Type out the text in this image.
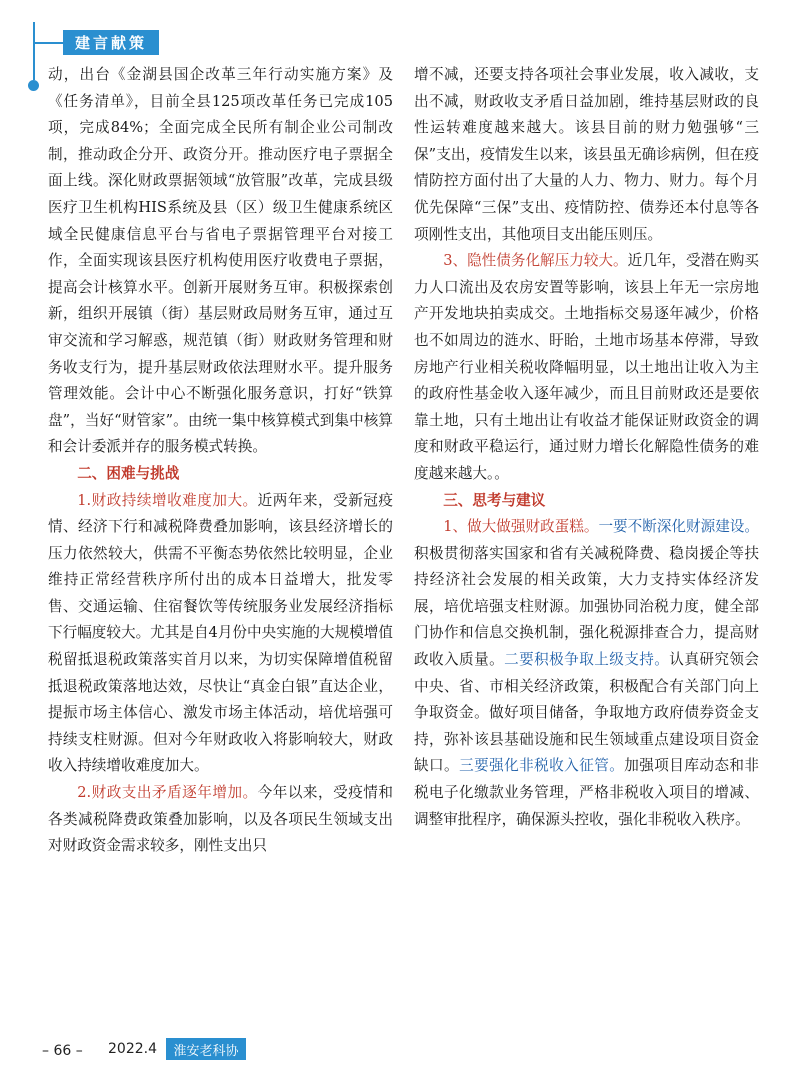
建言献策

动，出台《金湖县国企改革三年行动实施方案》及《任务清单》，目前全县125项改革任务已完成105项，完成84%；全面完成全民所有制企业公司制改制，推动政企分开、政资分开。推动医疗电子票据全面上线。深化财政票据领域“放管服”改革，完成县级医疗卫生机构HIS系统及县（区）级卫生健康系统区域全民健康信息平台与省电子票据管理平台对接工作，全面实现该县医疗机构使用医疗收费电子票据，提高会计核算水平。创新开展财务互审。积极探索创新，组织开展镇（街）基层财政局财务互审，通过互审交流和学习解惑，规范镇（街）财政财务管理和财务收支行为，提升基层财政依法理财水平。提升服务管理效能。会计中心不断强化服务意识，打好“铁算盘”，当好“财管家”。由统一集中核算模式到集中核算和会计委派并存的服务模式转换。

二、困难与挑战

1.财政持续增收难度加大。近两年来，受新冠疫情、经济下行和减税降费叠加影响，该县经济增长的压力依然较大，供需不平衡态势依然比较明显，企业维持正常经营秩序所付出的成本日益增大，批发零售、交通运输、住宿餐饮等传统服务业发展经济指标下行幅度较大。尤其是自4月份中央实施的大规模增值税留抵退税政策落实首月以来，为切实保障增值税留抵退税政策落地达效，尽快让“真金白银”直达企业，提振市场主体信心、激发市场主体活动，培优培强可持续支柱财源。但对今年财政收入将影响较大，财政收入持续增收难度加大。

2.财政支出矛盾逐年增加。今年以来，受疫情和各类减税降费政策叠加影响，以及各项民生领域支出对财政资金需求较多，刚性支出只

增不减，还要支持各项社会事业发展，收入减收，支出不减，财政收支矛盾日益加剧，维持基层财政的良性运转难度越来越大。该县目前的财力勉强够“三保”支出，疫情发生以来，该县虽无确诊病例，但在疫情防控方面付出了大量的人力、物力、财力。每个月优先保障“三保”支出、疫情防控、债券还本付息等各项刚性支出，其他项目支出能压则压。

3、隐性债务化解压力较大。近几年，受潜在购买力人口流出及农房安置等影响，该县上年无一宗房地产开发地块拍卖成交。土地指标交易逐年减少，价格也不如周边的涟水、盱眙，土地市场基本停滞，导致房地产行业相关税收降幅明显，以土地出让收入为主的政府性基金收入逐年减少，而且目前财政还是要依靠土地，只有土地出让有收益才能保证财政资金的调度和财政平稳运行，通过财力增长化解隐性债务的难度越来越大。。

三、思考与建议

1、做大做强财政蛋糕。一要不断深化财源建设。积极贯彻落实国家和省有关减税降费、稳岗援企等扶持经济社会发展的相关政策，大力支持实体经济发展，培优培强支柱财源。加强协同治税力度，健全部门协作和信息交换机制，强化税源排查合力，提高财政收入质量。二要积极争取上级支持。认真研究领会中央、省、市相关经济政策，积极配合有关部门向上争取资金。做好项目储备，争取地方政府债券资金支持，弥补该县基础设施和民生领域重点建设项目资金缺口。三要强化非税收入征管。加强项目库动态和非税电子化缴款业务管理，严格非税收入项目的增减、调整审批程序，确保源头控收，强化非税收入秩序。

– 66 – 2022.4	淮安老科协
